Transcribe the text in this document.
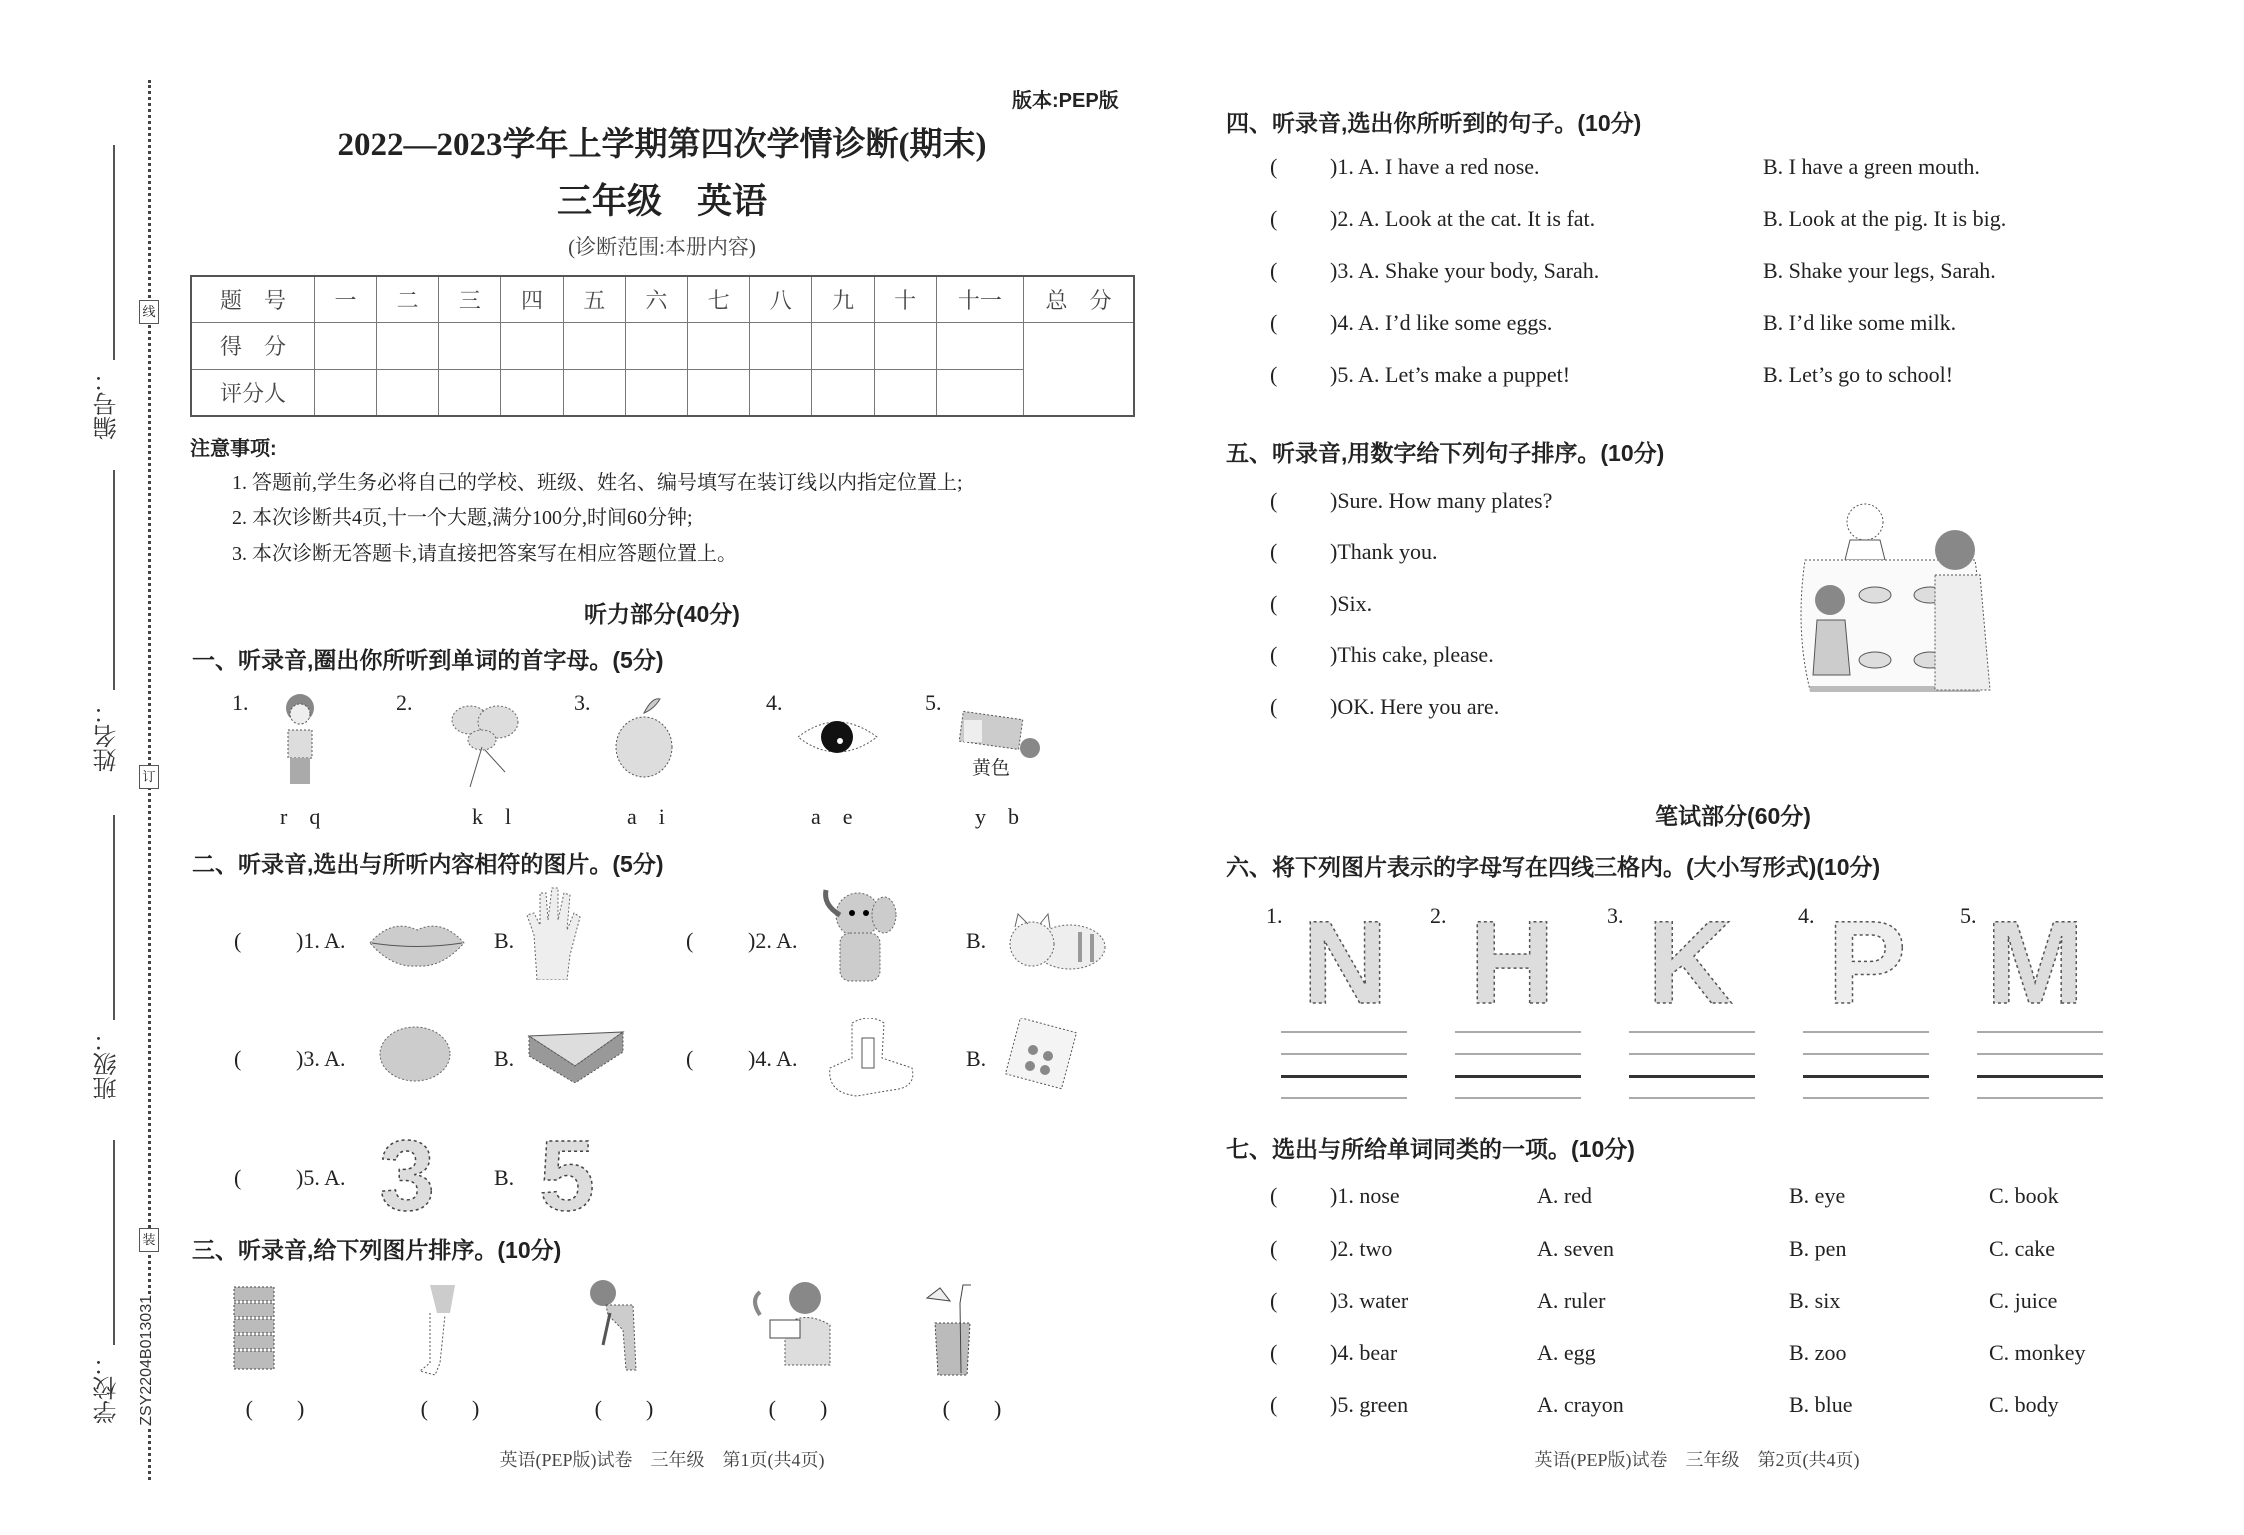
编号：
姓名：
班级：
学校：
线
订
装
ZSY2204B013031
版本:PEP版
2022—2023学年上学期第四次学情诊断(期末)
三年级　英语
(诊断范围:本册内容)
题　号	一	二	三	四	五	六	七	八	九	十	十一	总　分
得　分												
评分人												
注意事项:
1. 答题前,学生务必将自己的学校、班级、姓名、编号填写在装订线以内指定位置上;
2. 本次诊断共4页,十一个大题,满分100分,时间60分钟;
3. 本次诊断无答题卡,请直接把答案写在相应答题位置上。
听力部分(40分)
一、听录音,圈出你所听到单词的首字母。(5分)
1.	2.	3.	4.	5.
黄色
r　q	k　l	a　i	a　e	y　b
二、听录音,选出与所听内容相符的图片。(5分)
( )1. A.	B.	( )2. A.	B.
( )3. A.	B.	( )4. A.	B.
( )5. A. 3	B. 5
三、听录音,给下列图片排序。(10分)
(　　)	(　　)	(　　)	(　　)	(　　)
英语(PEP版)试卷　三年级　第1页(共4页)
四、听录音,选出你所听到的句子。(10分)
( )1. A. I have a red nose.	B. I have a green mouth.
( )2. A. Look at the cat. It is fat.	B. Look at the pig. It is big.
( )3. A. Shake your body, Sarah.	B. Shake your legs, Sarah.
( )4. A. I’d like some eggs.	B. I’d like some milk.
( )5. A. Let’s make a puppet!	B. Let’s go to school!
五、听录音,用数字给下列句子排序。(10分)
( )Sure. How many plates?
( )Thank you.
( )Six.
( )This cake, please.
( )OK. Here you are.
笔试部分(60分)
六、将下列图片表示的字母写在四线三格内。(大小写形式)(10分)
1.	2.	3.	4.	5.
N H K P M
七、选出与所给单词同类的一项。(10分)
( )1. nose	A. red	B. eye	C. book
( )2. two	A. seven	B. pen	C. cake
( )3. water	A. ruler	B. six	C. juice
( )4. bear	A. egg	B. zoo	C. monkey
( )5. green	A. crayon	B. blue	C. body
英语(PEP版)试卷　三年级　第2页(共4页)
